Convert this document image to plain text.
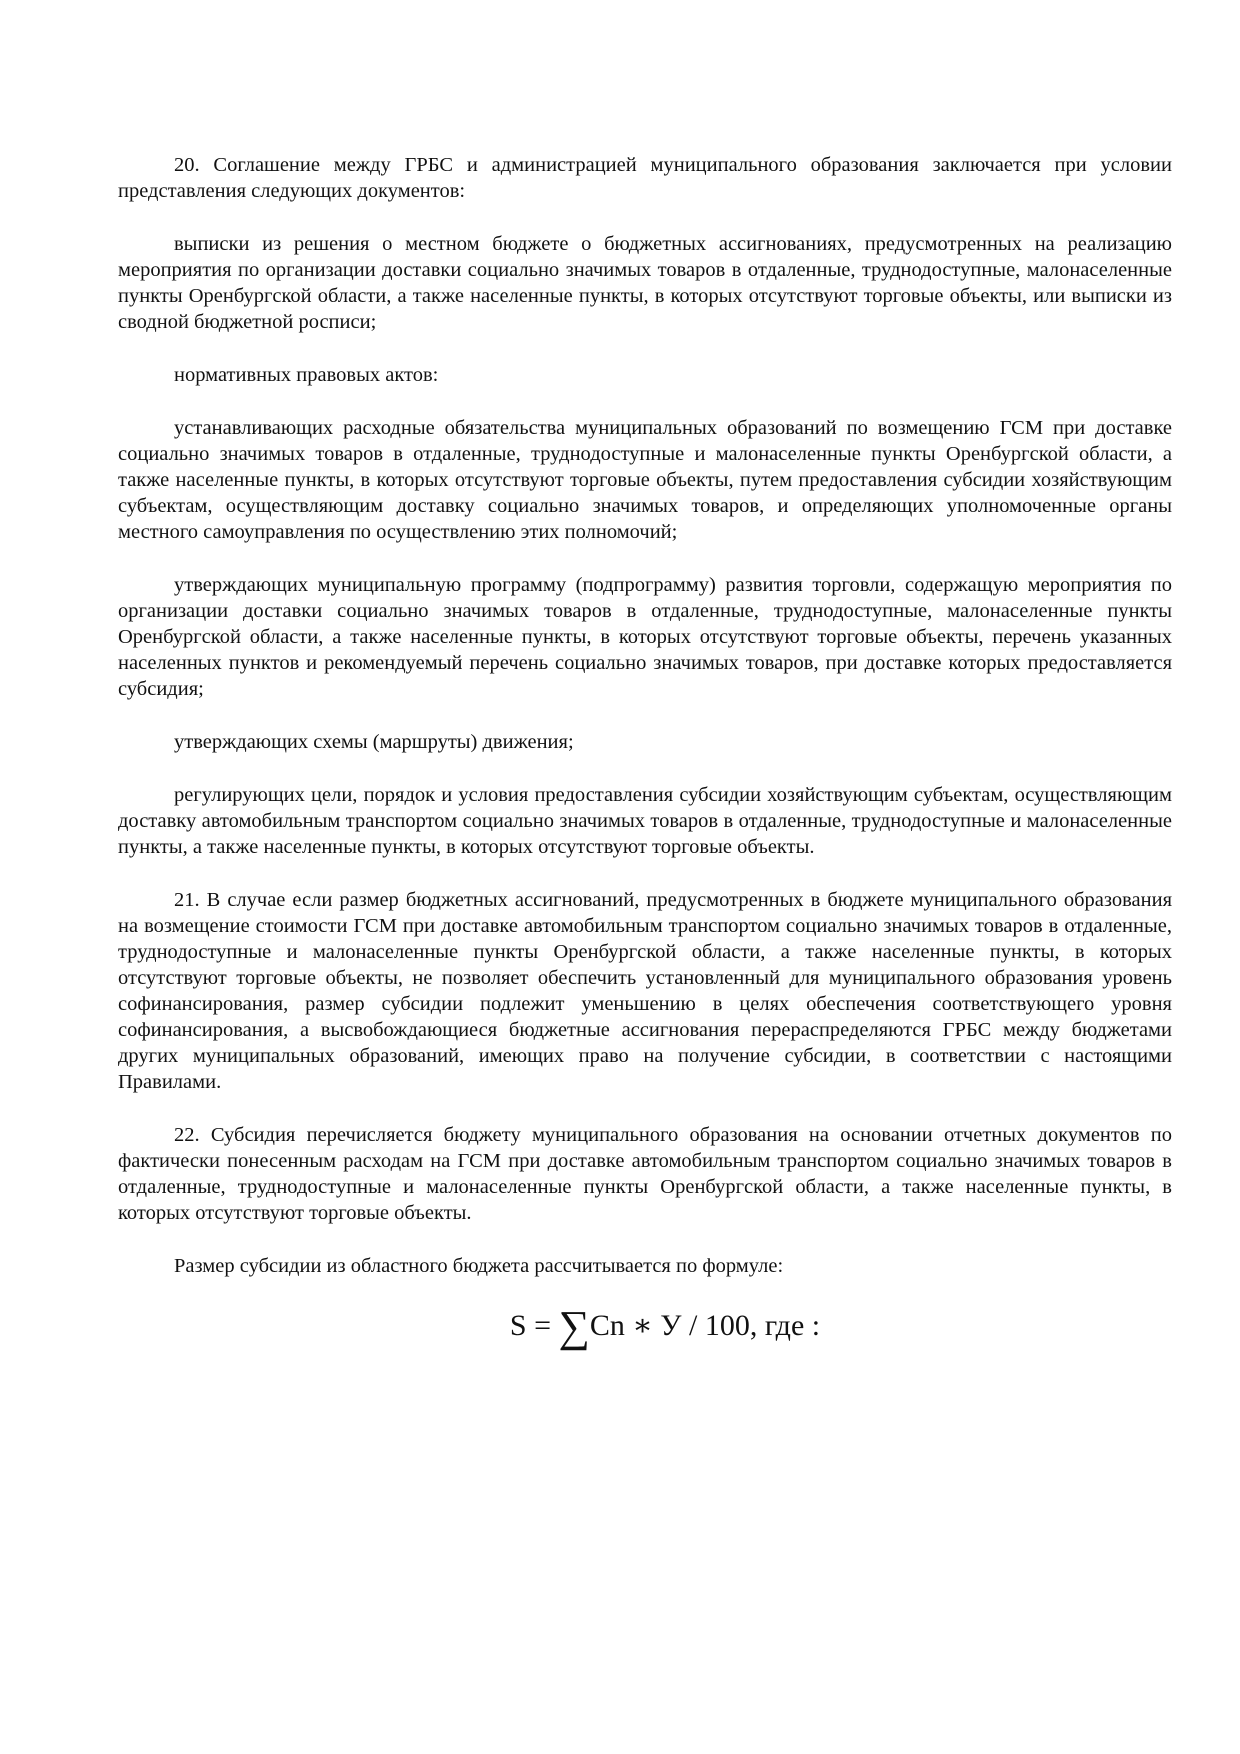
20. Соглашение между ГРБС и администрацией муниципального образования заключается при условии представления следующих документов:

выписки из решения о местном бюджете о бюджетных ассигнованиях, предусмотренных на реализацию мероприятия по организации доставки социально значимых товаров в отдаленные, труднодоступные, малонаселенные пункты Оренбургской области, а также населенные пункты, в которых отсутствуют торговые объекты, или выписки из сводной бюджетной росписи;

нормативных правовых актов:

устанавливающих расходные обязательства муниципальных образований по возмещению ГСМ при доставке социально значимых товаров в отдаленные, труднодоступные и малонаселенные пункты Оренбургской области, а также населенные пункты, в которых отсутствуют торговые объекты, путем предоставления субсидии хозяйствующим субъектам, осуществляющим доставку социально значимых товаров, и определяющих уполномоченные органы местного самоуправления по осуществлению этих полномочий;

утверждающих муниципальную программу (подпрограмму) развития торговли, содержащую мероприятия по организации доставки социально значимых товаров в отдаленные, труднодоступные, малонаселенные пункты Оренбургской области, а также населенные пункты, в которых отсутствуют торговые объекты, перечень указанных населенных пунктов и рекомендуемый перечень социально значимых товаров, при доставке которых предоставляется субсидия;

утверждающих схемы (маршруты) движения;

регулирующих цели, порядок и условия предоставления субсидии хозяйствующим субъектам, осуществляющим доставку автомобильным транспортом социально значимых товаров в отдаленные, труднодоступные и малонаселенные пункты, а также населенные пункты, в которых отсутствуют торговые объекты.

21. В случае если размер бюджетных ассигнований, предусмотренных в бюджете муниципального образования на возмещение стоимости ГСМ при доставке автомобильным транспортом социально значимых товаров в отдаленные, труднодоступные и малонаселенные пункты Оренбургской области, а также населенные пункты, в которых отсутствуют торговые объекты, не позволяет обеспечить установленный для муниципального образования уровень софинансирования, размер субсидии подлежит уменьшению в целях обеспечения соответствующего уровня софинансирования, а высвобождающиеся бюджетные ассигнования перераспределяются ГРБС между бюджетами других муниципальных образований, имеющих право на получение субсидии, в соответствии с настоящими Правилами.

22. Субсидия перечисляется бюджету муниципального образования на основании отчетных документов по фактически понесенным расходам на ГСМ при доставке автомобильным транспортом социально значимых товаров в отдаленные, труднодоступные и малонаселенные пункты Оренбургской области, а также населенные пункты, в которых отсутствуют торговые объекты.

Размер субсидии из областного бюджета рассчитывается по формуле:

S = ∑Cn ∗ У / 100, где :
